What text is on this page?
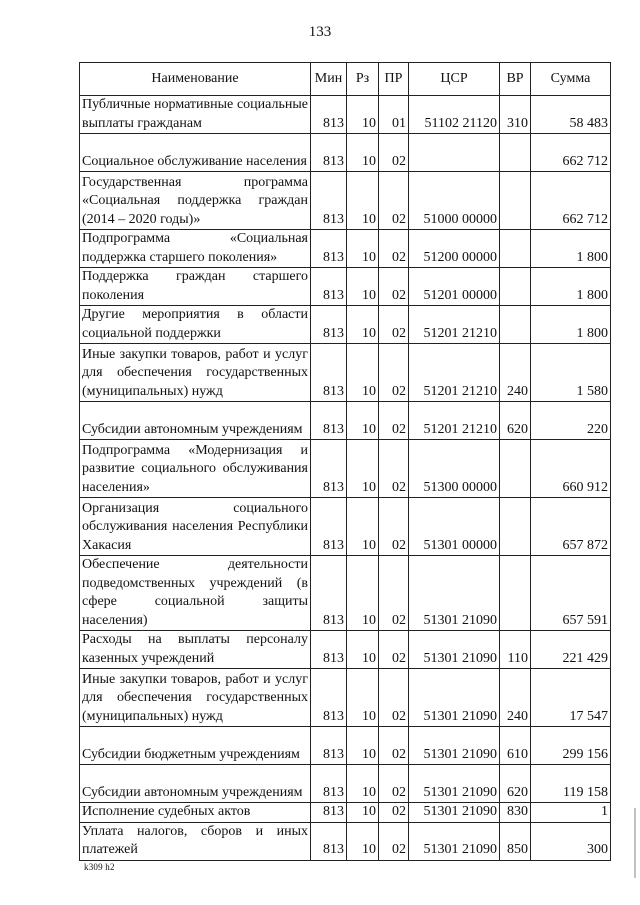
133
Наименование	Мин	Рз	ПР	ЦСР	ВР	Сумма
Публичные нормативные социальные выплаты гражданам	813	10	01	51102 21120	310	58 483
Социальное обслуживание населения	813	10	02			662 712
Государственная программа «Социальная поддержка граждан (2014 – 2020 годы)»	813	10	02	51000 00000		662 712
Подпрограмма «Социальная поддержка старшего поколения»	813	10	02	51200 00000		1 800
Поддержка граждан старшего поколения	813	10	02	51201 00000		1 800
Другие мероприятия в области социальной поддержки	813	10	02	51201 21210		1 800
Иные закупки товаров, работ и услуг для обеспечения государственных (муниципальных) нужд	813	10	02	51201 21210	240	1 580
Субсидии автономным учреждениям	813	10	02	51201 21210	620	220
Подпрограмма «Модернизация и развитие социального обслуживания населения»	813	10	02	51300 00000		660 912
Организация социального обслуживания населения Республики Хакасия	813	10	02	51301 00000		657 872
Обеспечение деятельности подведомственных учреждений (в сфере социальной защиты населения)	813	10	02	51301 21090		657 591
Расходы на выплаты персоналу казенных учреждений	813	10	02	51301 21090	110	221 429
Иные закупки товаров, работ и услуг для обеспечения государственных (муниципальных) нужд	813	10	02	51301 21090	240	17 547
Субсидии бюджетным учреждениям	813	10	02	51301 21090	610	299 156
Субсидии автономным учреждениям	813	10	02	51301 21090	620	119 158
Исполнение судебных актов	813	10	02	51301 21090	830	1
Уплата налогов, сборов и иных платежей	813	10	02	51301 21090	850	300
k309 h2
